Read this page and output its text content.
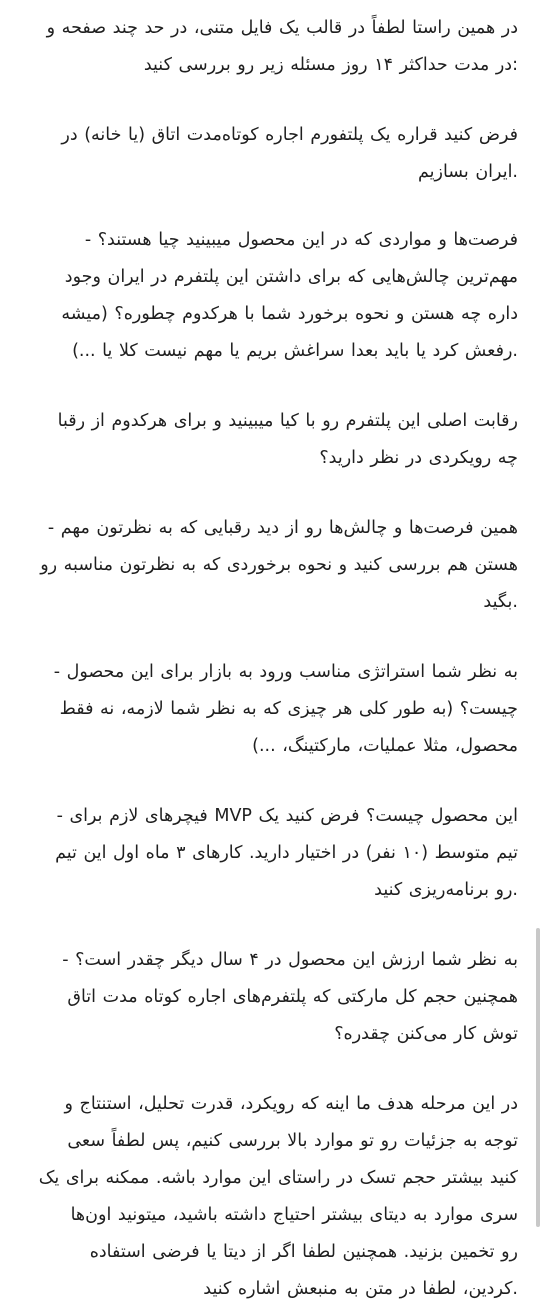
در همین راستا لطفاً در قالب یک فایل متنی، در حد چند صفحه و
:در مدت حداکثر ۱۴ روز مسئله زیر رو بررسی کنید
فرض کنید قراره یک پلتفورم اجاره کوتاه‌مدت اتاق (یا خانه) در
.ایران بسازیم
فرصت‌ها و مواردی که در این محصول میبینید چیا هستند؟ -
مهم‌ترین چالش‌هایی که برای داشتن این پلتفرم در ایران وجود
داره چه هستن و نحوه برخورد شما با هرکدوم چطوره؟ (میشه
.رفعش کرد یا باید بعدا سراغش بریم یا مهم نیست کلا یا ...)
رقابت اصلی این پلتفرم رو با کیا میبینید و برای هرکدوم از رقبا
چه رویکردی در نظر دارید؟
همین فرصت‌ها و چالش‌ها رو از دید رقبایی که به نظرتون مهم -
هستن هم بررسی کنید و نحوه برخوردی که به نظرتون مناسبه رو
.بگید
به نظر شما استراتژی مناسب ورود به بازار برای این محصول -
چیست؟ (به طور کلی هر چیزی که به نظر شما لازمه، نه فقط
محصول، مثلا عملیات، مارکتینگ، ...)
این محصول چیست؟ فرض کنید یک MVP فیچرهای لازم برای -
تیم متوسط (۱۰ نفر) در اختیار دارید. کارهای ۳ ماه اول این تیم
.رو برنامه‌ریزی کنید
به نظر شما ارزش این محصول در ۴ سال دیگر چقدر است؟ -
همچنین حجم کل مارکتی که پلتفرم‌های اجاره کوتاه مدت اتاق
توش کار می‌کنن چقدره؟
در این مرحله هدف ما اینه که رویکرد، قدرت تحلیل، استنتاج و
توجه به جزئیات رو تو موارد بالا بررسی کنیم، پس لطفاً سعی
کنید بیشتر حجم تسک در راستای این موارد باشه. ممکنه برای یک
سری موارد به دیتای بیشتر احتیاج داشته باشید، میتونید اون‌ها
رو تخمین بزنید. همچنین لطفا اگر از دیتا یا فرضی استفاده
.کردین، لطفا در متن به منبعش اشاره کنید
